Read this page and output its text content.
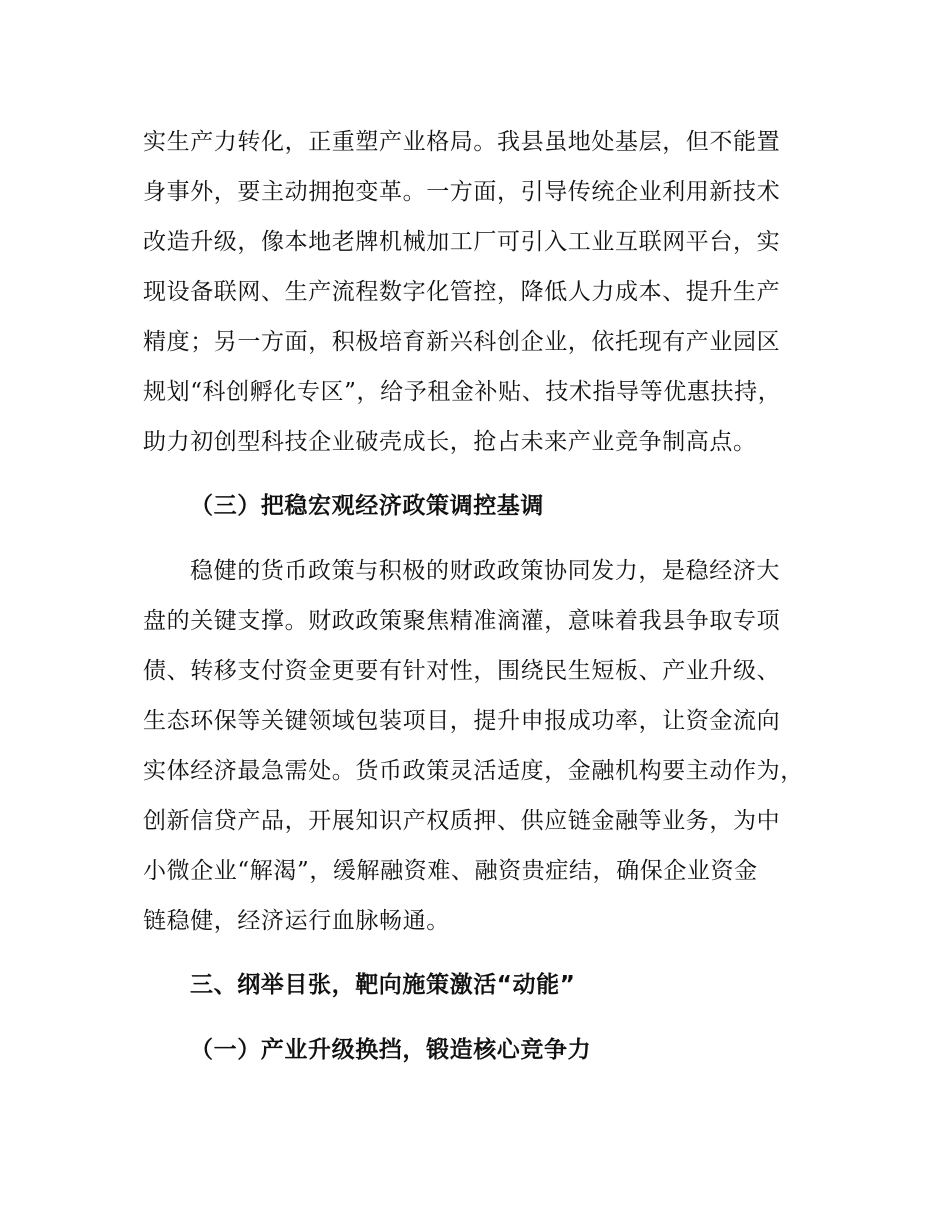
实生产力转化，正重塑产业格局。我县虽地处基层，但不能置
身事外，要主动拥抱变革。一方面，引导传统企业利用新技术
改造升级，像本地老牌机械加工厂可引入工业互联网平台，实
现设备联网、生产流程数字化管控，降低人力成本、提升生产
精度；另一方面，积极培育新兴科创企业，依托现有产业园区
规划“科创孵化专区”，给予租金补贴、技术指导等优惠扶持，
助力初创型科技企业破壳成长，抢占未来产业竞争制高点。
（三）把稳宏观经济政策调控基调
稳健的货币政策与积极的财政政策协同发力，是稳经济大
盘的关键支撑。财政政策聚焦精准滴灌，意味着我县争取专项
债、转移支付资金更要有针对性，围绕民生短板、产业升级、
生态环保等关键领域包装项目，提升申报成功率，让资金流向
实体经济最急需处。货币政策灵活适度，金融机构要主动作为，
创新信贷产品，开展知识产权质押、供应链金融等业务，为中
小微企业“解渴”，缓解融资难、融资贵症结，确保企业资金
链稳健，经济运行血脉畅通。
三、纲举目张，靶向施策激活“动能”
（一）产业升级换挡，锻造核心竞争力
